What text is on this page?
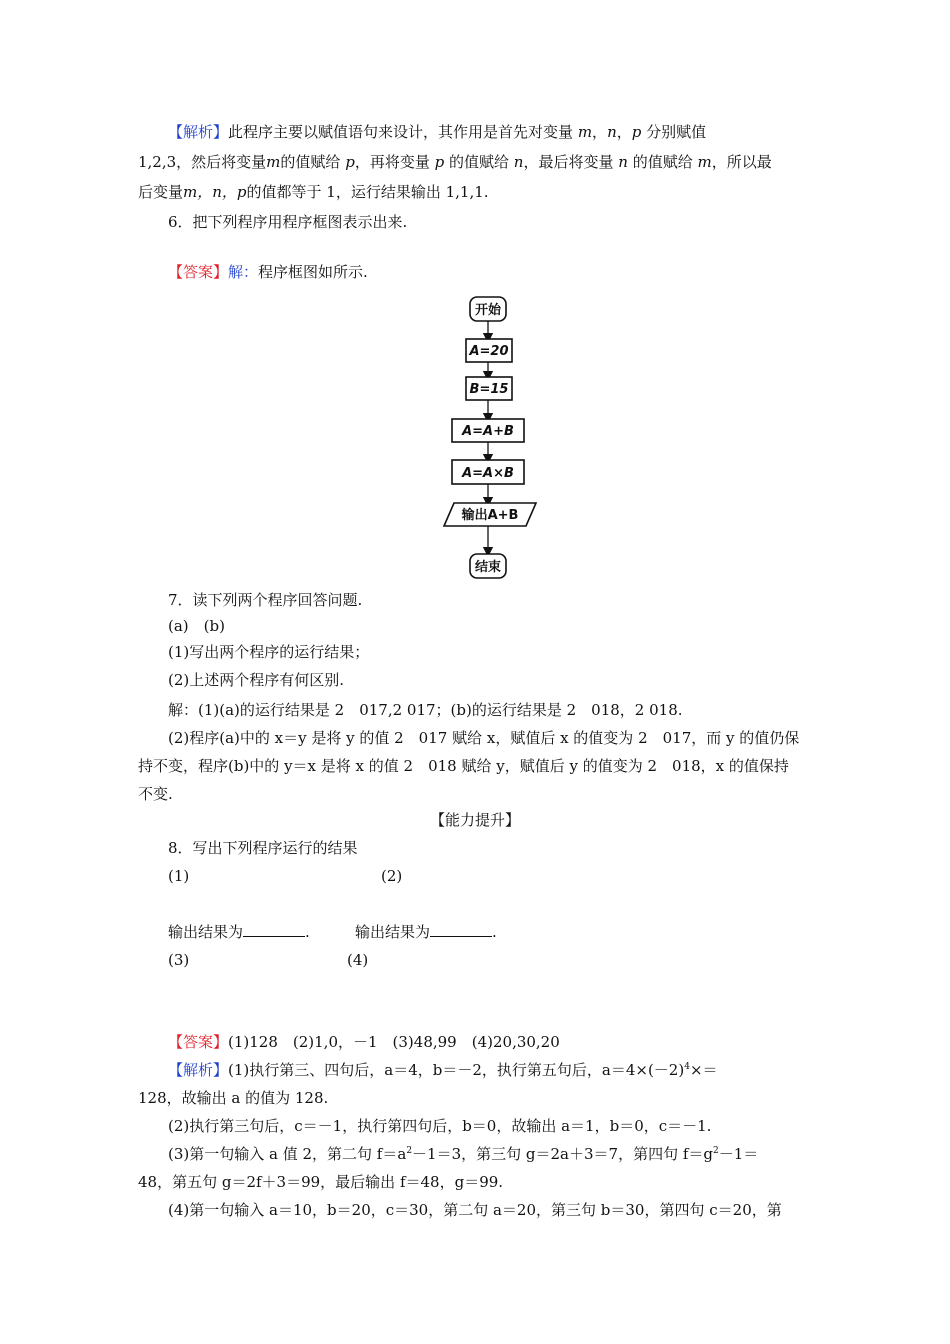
【解析】此程序主要以赋值语句来设计，其作用是首先对变量 m，n，p 分别赋值
1,2,3，然后将变量m的值赋给 p，再将变量 p 的值赋给 n，最后将变量 n 的值赋给 m，所以最
后变量m，n，p的值都等于 1，运行结果输出 1,1,1.
6．把下列程序用程序框图表示出来.
【答案】解：程序框图如所示.
开始
A=20
B=15
A=A+B
A=A×B
输出A+B
结束
7．读下列两个程序回答问题.
(a)　(b)
(1)写出两个程序的运行结果；
(2)上述两个程序有何区别.
解：(1)(a)的运行结果是 2　017,2 017；(b)的运行结果是 2　018，2 018.
(2)程序(a)中的 x＝y 是将 y 的值 2　017 赋给 x，赋值后 x 的值变为 2　017，而 y 的值仍保
持不变，程序(b)中的 y＝x 是将 x 的值 2　018 赋给 y，赋值后 y 的值变为 2　018，x 的值保持
不变.
【能力提升】
8．写出下列程序运行的结果
(1)	(2)
输出结果为	.	输出结果为	.
(3)	(4)
【答案】(1)128　(2)1,0，－1　(3)48,99　(4)20,30,20
【解析】(1)执行第三、四句后，a＝4，b＝－2，执行第五句后，$a=4\times(-2)^4\times=$
128，故输出 a 的值为 128.
(2)执行第三句后，c＝－1，执行第四句后，b＝0，故输出 a＝1，b＝0，c＝－1.
(3)第一句输入 a 值 2，第二句 $f=a^2-1=3$，第三句 g＝2a＋3＝7，第四句 $f=g^2-1=$
48，第五句 g＝2f＋3＝99，最后输出 f＝48，g＝99.
(4)第一句输入 a＝10，b＝20，c＝30，第二句 a＝20，第三句 b＝30，第四句 c＝20，第
